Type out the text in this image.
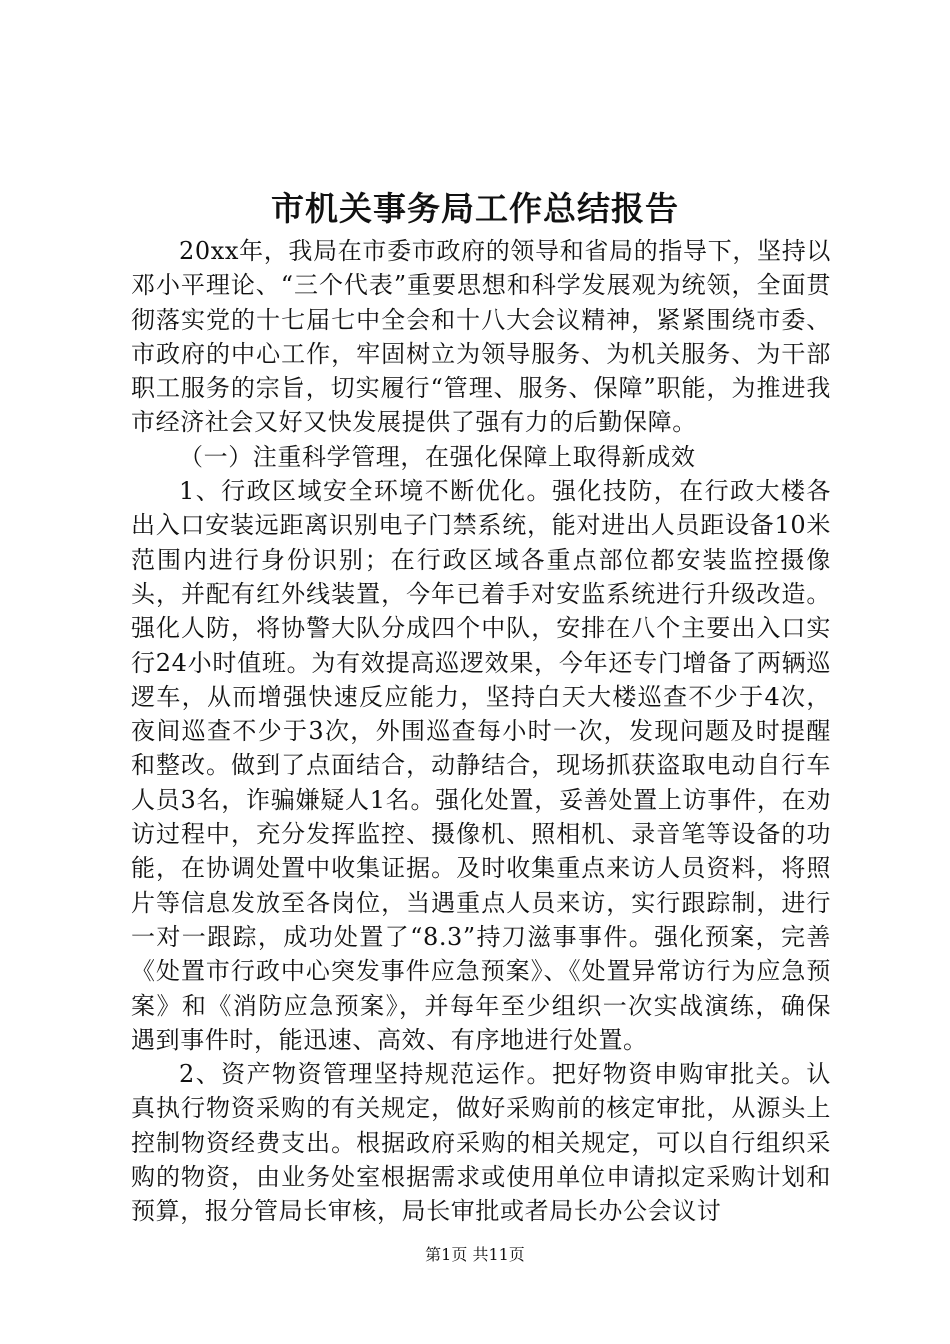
市机关事务局工作总结报告

20xx年，我局在市委市政府的领导和省局的指导下，坚持以邓小平理论、“三个代表”重要思想和科学发展观为统领，全面贯彻落实党的十七届七中全会和十八大会议精神，紧紧围绕市委、市政府的中心工作，牢固树立为领导服务、为机关服务、为干部职工服务的宗旨，切实履行“管理、服务、保障”职能，为推进我市经济社会又好又快发展提供了强有力的后勤保障。

（一）注重科学管理，在强化保障上取得新成效

1、行政区域安全环境不断优化。强化技防，在行政大楼各出入口安装远距离识别电子门禁系统，能对进出人员距设备10米范围内进行身份识别；在行政区域各重点部位都安装监控摄像头，并配有红外线装置，今年已着手对安监系统进行升级改造。强化人防，将协警大队分成四个中队，安排在八个主要出入口实行24小时值班。为有效提高巡逻效果，今年还专门增备了两辆巡逻车，从而增强快速反应能力，坚持白天大楼巡查不少于4次，夜间巡查不少于3次，外围巡查每小时一次，发现问题及时提醒和整改。做到了点面结合，动静结合，现场抓获盗取电动自行车人员3名，诈骗嫌疑人1名。强化处置，妥善处置上访事件，在劝访过程中，充分发挥监控、摄像机、照相机、录音笔等设备的功能，在协调处置中收集证据。及时收集重点来访人员资料，将照片等信息发放至各岗位，当遇重点人员来访，实行跟踪制，进行一对一跟踪，成功处置了“8.3”持刀滋事事件。强化预案，完善《处置市行政中心突发事件应急预案》、《处置异常访行为应急预案》和《消防应急预案》，并每年至少组织一次实战演练，确保遇到事件时，能迅速、高效、有序地进行处置。

2、资产物资管理坚持规范运作。把好物资申购审批关。认真执行物资采购的有关规定，做好采购前的核定审批，从源头上控制物资经费支出。根据政府采购的相关规定，可以自行组织采购的物资，由业务处室根据需求或使用单位申请拟定采购计划和预算，报分管局长审核，局长审批或者局长办公会议讨

第1页 共11页
